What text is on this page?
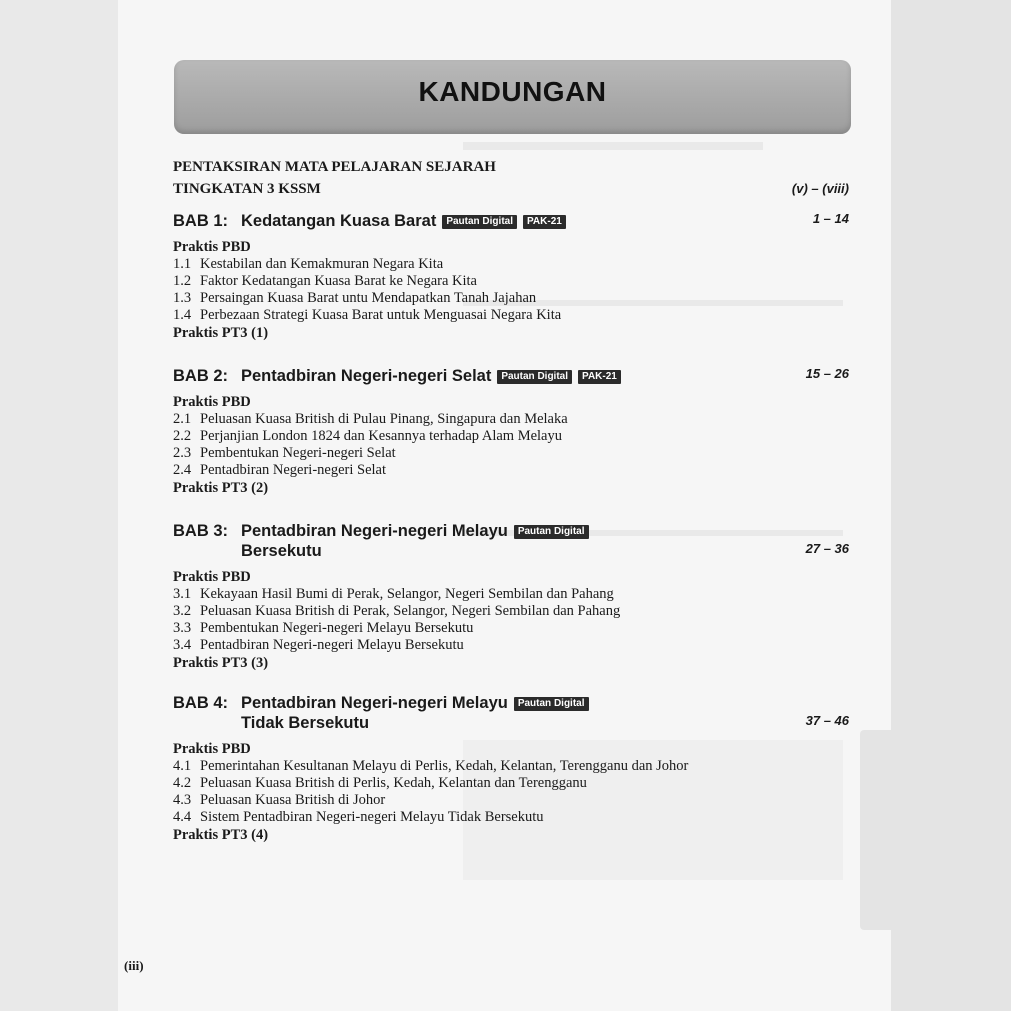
KANDUNGAN
PENTAKSIRAN MATA PELAJARAN SEJARAH
TINGKATAN 3 KSSM	(v) – (viii)
BAB 1: Kedatangan Kuasa Barat Pautan Digital PAK-21	1 – 14
Praktis PBD
1.1 Kestabilan dan Kemakmuran Negara Kita
1.2 Faktor Kedatangan Kuasa Barat ke Negara Kita
1.3 Persaingan Kuasa Barat untu Mendapatkan Tanah Jajahan
1.4 Perbezaan Strategi Kuasa Barat untuk Menguasai Negara Kita
Praktis PT3 (1)
BAB 2: Pentadbiran Negeri-negeri Selat Pautan Digital PAK-21	15 – 26
Praktis PBD
2.1 Peluasan Kuasa British di Pulau Pinang, Singapura dan Melaka
2.2 Perjanjian London 1824 dan Kesannya terhadap Alam Melayu
2.3 Pembentukan Negeri-negeri Selat
2.4 Pentadbiran Negeri-negeri Selat
Praktis PT3 (2)
BAB 3: Pentadbiran Negeri-negeri Melayu Pautan Digital
Bersekutu	27 – 36
Praktis PBD
3.1 Kekayaan Hasil Bumi di Perak, Selangor, Negeri Sembilan dan Pahang
3.2 Peluasan Kuasa British di Perak, Selangor, Negeri Sembilan dan Pahang
3.3 Pembentukan Negeri-negeri Melayu Bersekutu
3.4 Pentadbiran Negeri-negeri Melayu Bersekutu
Praktis PT3 (3)
BAB 4: Pentadbiran Negeri-negeri Melayu Pautan Digital
Tidak Bersekutu	37 – 46
Praktis PBD
4.1 Pemerintahan Kesultanan Melayu di Perlis, Kedah, Kelantan, Terengganu dan Johor
4.2 Peluasan Kuasa British di Perlis, Kedah, Kelantan dan Terengganu
4.3 Peluasan Kuasa British di Johor
4.4 Sistem Pentadbiran Negeri-negeri Melayu Tidak Bersekutu
Praktis PT3 (4)
(iii)
